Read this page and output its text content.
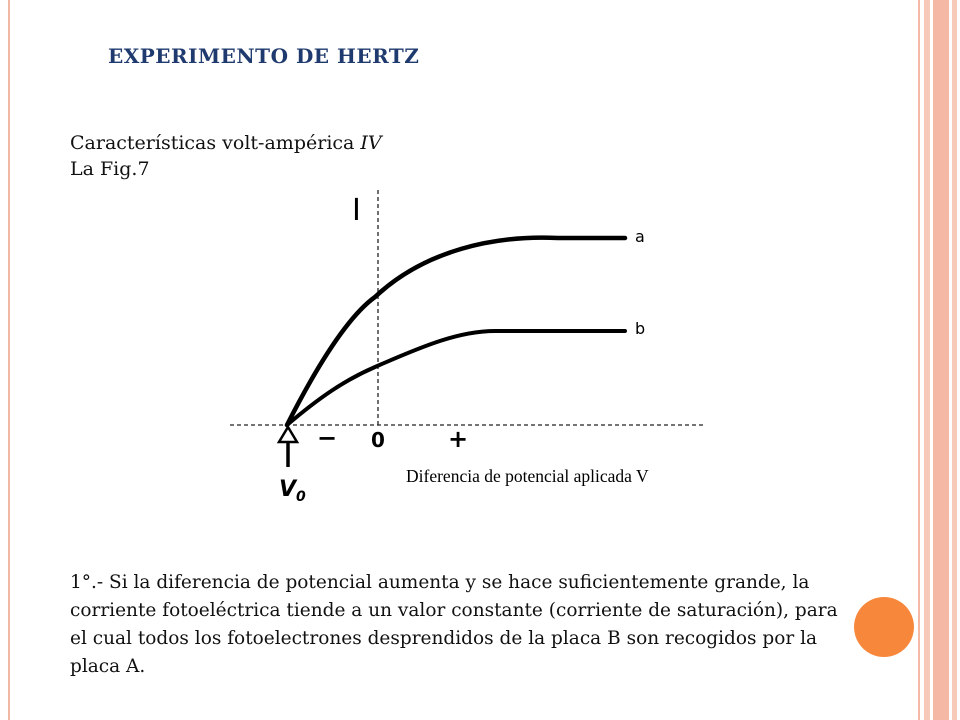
EXPERIMENTO DE HERTZ
Características volt-ampérica IV
La Fig.7
I
0
−	+
a
b
Diferencia de potencial aplicada V
$V_0$
1°.- Si la diferencia de potencial aumenta y se hace suficientemente grande, la corriente fotoeléctrica tiende a un valor constante (corriente de saturación), para el cual todos los fotoelectrones desprendidos de la placa B son recogidos por la placa A.
